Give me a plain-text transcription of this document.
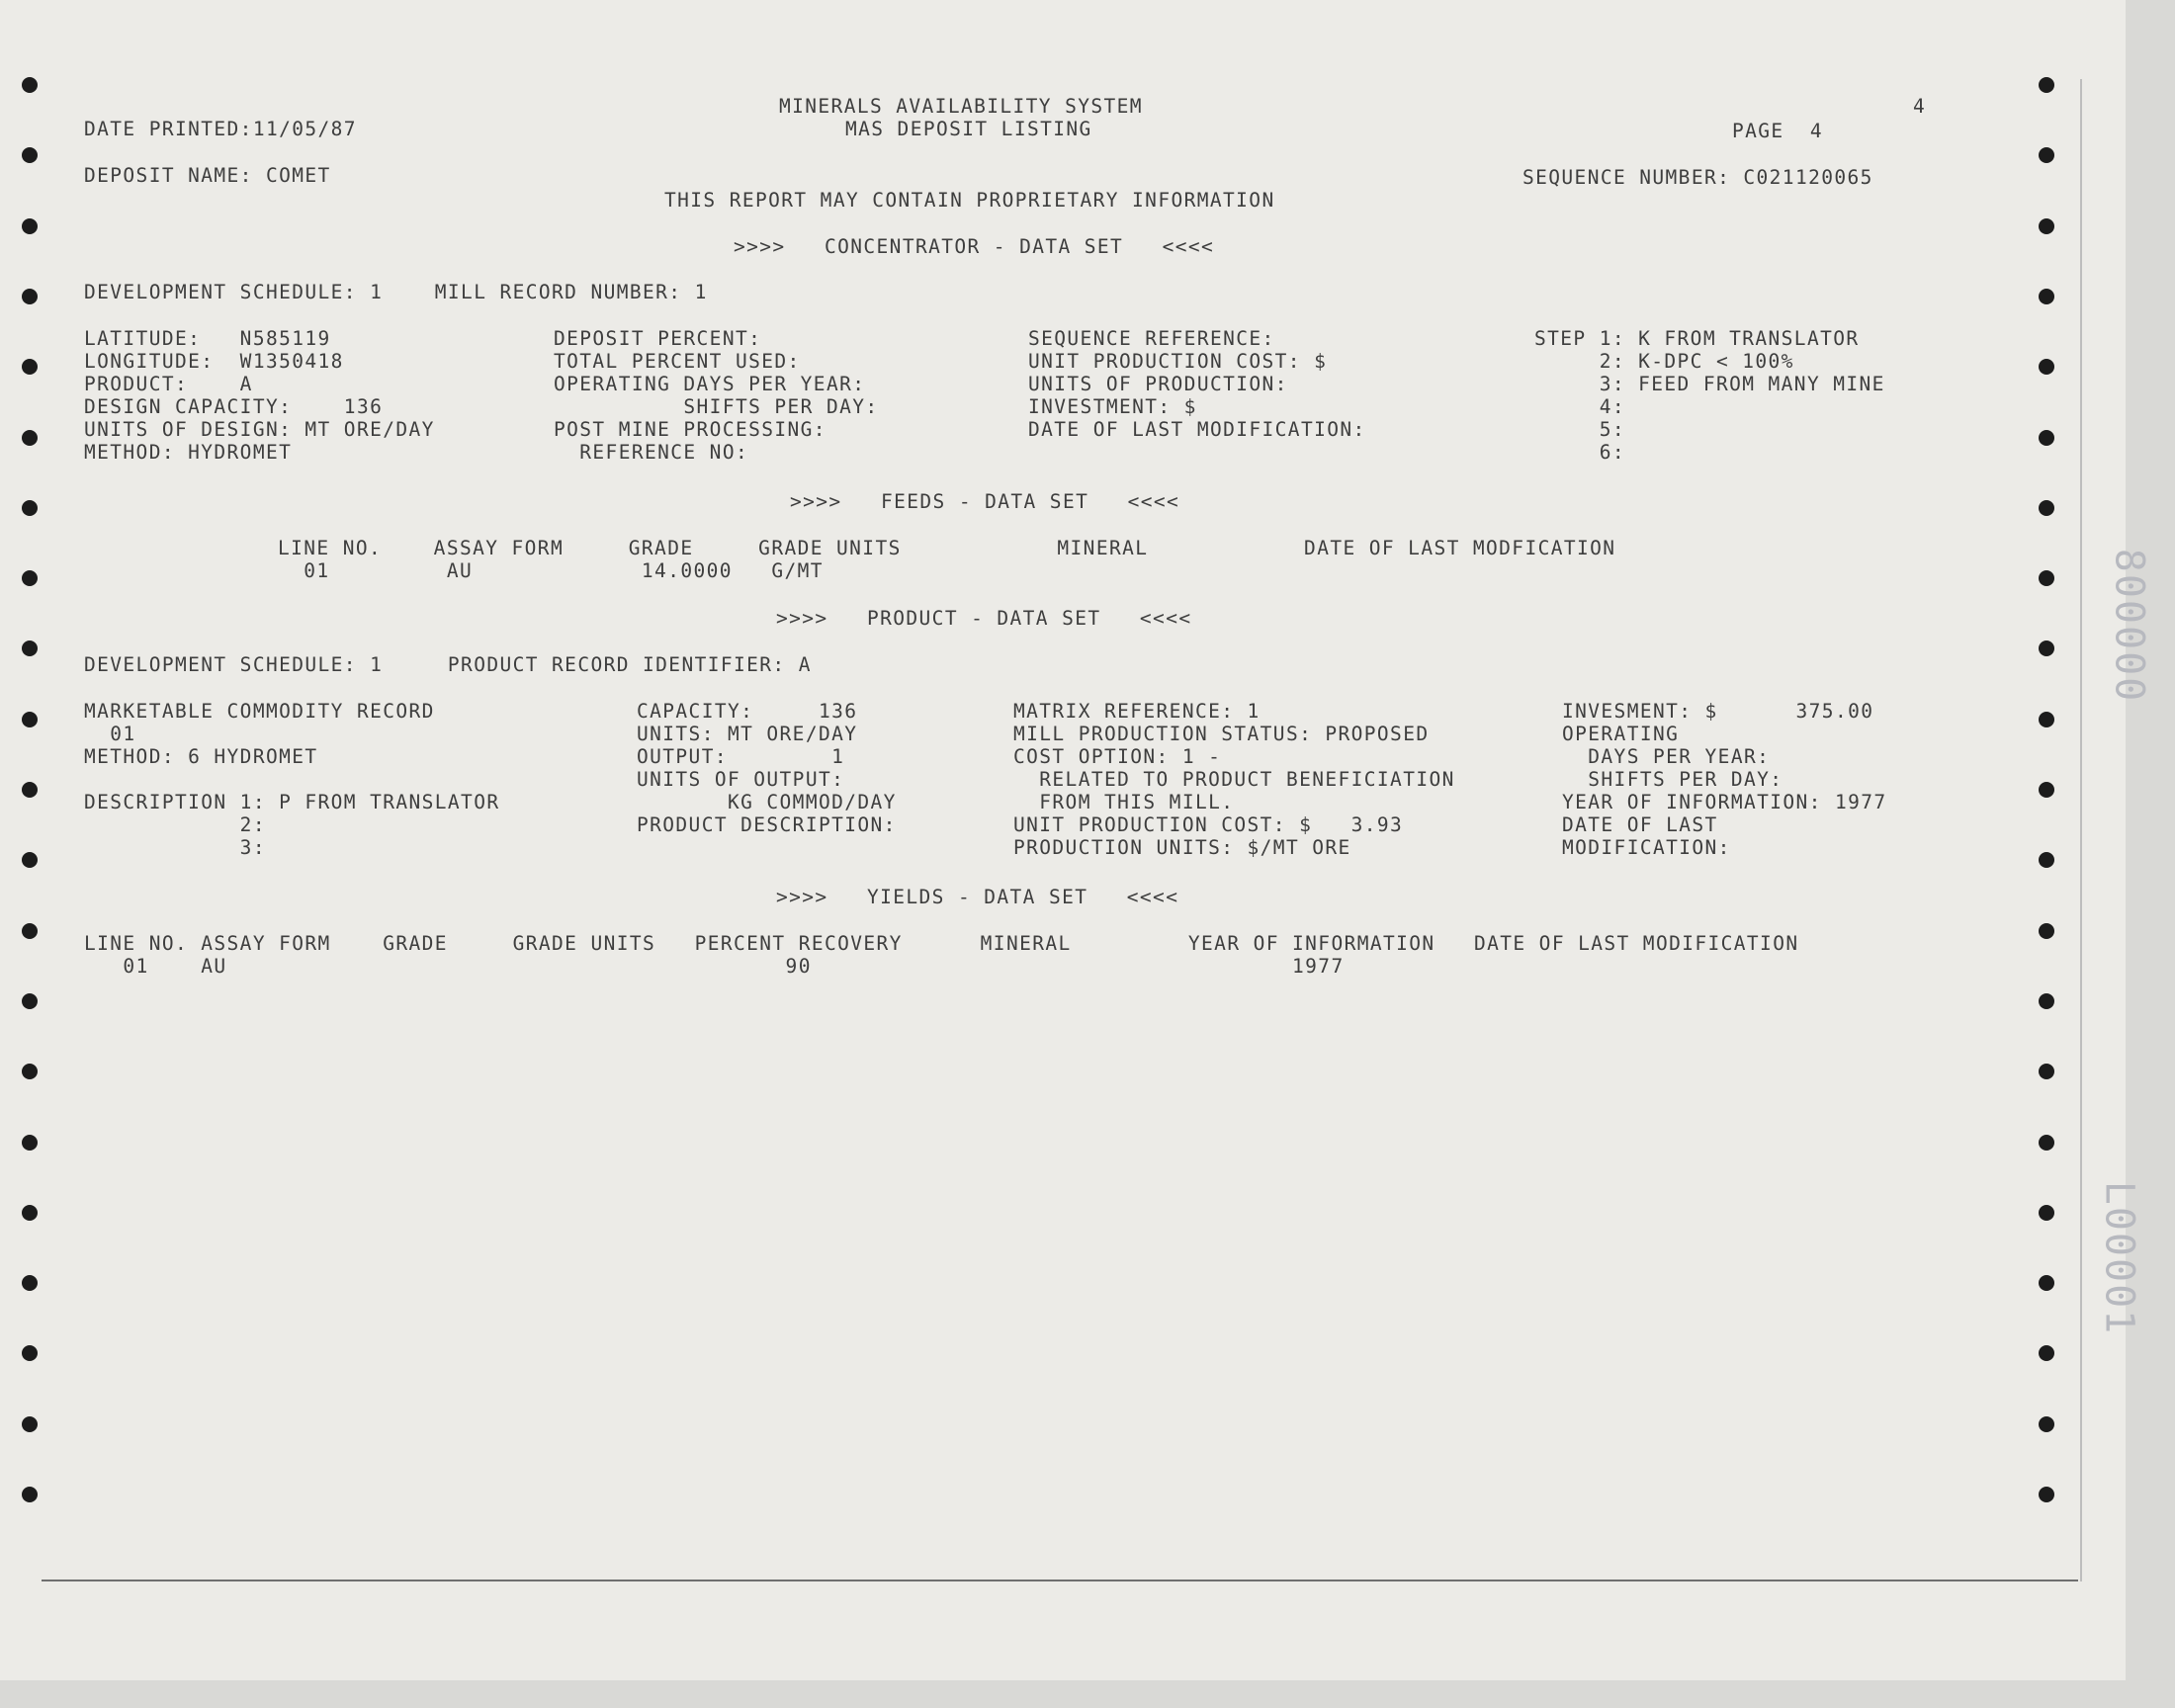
4
MINERALS AVAILABILITY SYSTEM
MAS DEPOSIT LISTING
DATE PRINTED:11/05/87	PAGE  4
DEPOSIT NAME: COMET	SEQUENCE NUMBER: C021120065
THIS REPORT MAY CONTAIN PROPRIETARY INFORMATION
>>>>   CONCENTRATOR - DATA SET   <<<<
DEVELOPMENT SCHEDULE: 1    MILL RECORD NUMBER: 1
LATITUDE:   N585119
LONGITUDE:  W1350418
PRODUCT:    A
DESIGN CAPACITY:    136
UNITS OF DESIGN: MT ORE/DAY
METHOD: HYDROMET
DEPOSIT PERCENT:
TOTAL PERCENT USED:
OPERATING DAYS PER YEAR:
SHIFTS PER DAY:
POST MINE PROCESSING:
REFERENCE NO:
SEQUENCE REFERENCE:
UNIT PRODUCTION COST: $
UNITS OF PRODUCTION:
INVESTMENT: $
DATE OF LAST MODIFICATION:
STEP 1: K FROM TRANSLATOR
2: K-DPC < 100%
3: FEED FROM MANY MINE
4:
5:
6:
>>>>   FEEDS - DATA SET   <<<<
LINE NO.    ASSAY FORM     GRADE     GRADE UNITS            MINERAL            DATE OF LAST MODFICATION
01         AU             14.0000   G/MT
>>>>   PRODUCT - DATA SET   <<<<
DEVELOPMENT SCHEDULE: 1     PRODUCT RECORD IDENTIFIER: A
MARKETABLE COMMODITY RECORD
01
METHOD: 6 HYDROMET
DESCRIPTION 1: P FROM TRANSLATOR
2:
3:
CAPACITY:     136
UNITS: MT ORE/DAY
OUTPUT:        1
UNITS OF OUTPUT:
KG COMMOD/DAY
PRODUCT DESCRIPTION:
MATRIX REFERENCE: 1
MILL PRODUCTION STATUS: PROPOSED
COST OPTION: 1 -
RELATED TO PRODUCT BENEFICIATION
FROM THIS MILL.
UNIT PRODUCTION COST: $   3.93
PRODUCTION UNITS: $/MT ORE
INVESMENT: $      375.00
OPERATING
DAYS PER YEAR:
SHIFTS PER DAY:
YEAR OF INFORMATION: 1977
DATE OF LAST
MODIFICATION:
>>>>   YIELDS - DATA SET   <<<<
LINE NO. ASSAY FORM    GRADE     GRADE UNITS   PERCENT RECOVERY      MINERAL         YEAR OF INFORMATION   DATE OF LAST MODIFICATION
01    AU                                           90                                     1977
800000
L00001
